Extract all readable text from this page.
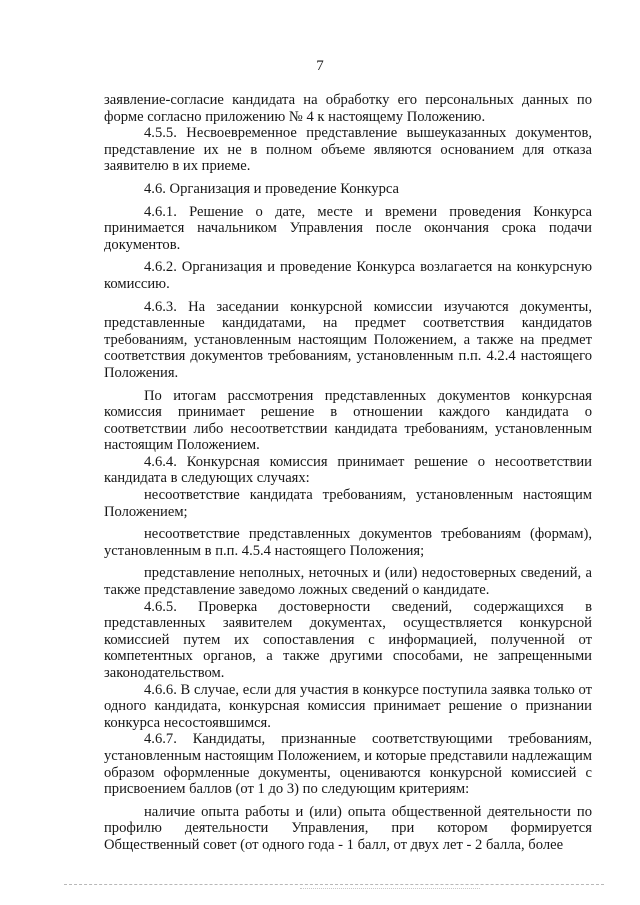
7

заявление-согласие кандидата на обработку его персональных данных по форме согласно приложению № 4 к настоящему Положению.

4.5.5. Несвоевременное представление вышеуказанных документов, представление их не в полном объеме являются основанием для отказа заявителю в их приеме.

4.6. Организация и проведение Конкурса

4.6.1. Решение о дате, месте и времени проведения Конкурса принимается начальником Управления после окончания срока подачи документов.

4.6.2. Организация и проведение Конкурса возлагается на конкурсную комиссию.

4.6.3. На заседании конкурсной комиссии изучаются документы, представленные кандидатами, на предмет соответствия кандидатов требованиям, установленным настоящим Положением, а также на предмет соответствия документов требованиям, установленным п.п. 4.2.4 настоящего Положения.

По итогам рассмотрения представленных документов конкурсная комиссия принимает решение в отношении каждого кандидата о соответствии либо несоответствии кандидата требованиям, установленным настоящим Положением.

4.6.4. Конкурсная комиссия принимает решение о несоответствии кандидата в следующих случаях:

несоответствие кандидата требованиям, установленным настоящим Положением;

несоответствие представленных документов требованиям (формам), установленным в п.п. 4.5.4 настоящего Положения;

представление неполных, неточных и (или) недостоверных сведений, а также представление заведомо ложных сведений о кандидате.

4.6.5. Проверка достоверности сведений, содержащихся в представленных заявителем документах, осуществляется конкурсной комиссией путем их сопоставления с информацией, полученной от компетентных органов, а также другими способами, не запрещенными законодательством.

4.6.6. В случае, если для участия в конкурсе поступила заявка только от одного кандидата, конкурсная комиссия принимает решение о признании конкурса несостоявшимся.

4.6.7. Кандидаты, признанные соответствующими требованиям, установленным настоящим Положением, и которые представили надлежащим образом оформленные документы, оцениваются конкурсной комиссией с присвоением баллов (от 1 до 3) по следующим критериям:

наличие опыта работы и (или) опыта общественной деятельности по профилю деятельности Управления, при котором формируется Общественный совет (от одного года - 1 балл, от двух лет - 2 балла, более
